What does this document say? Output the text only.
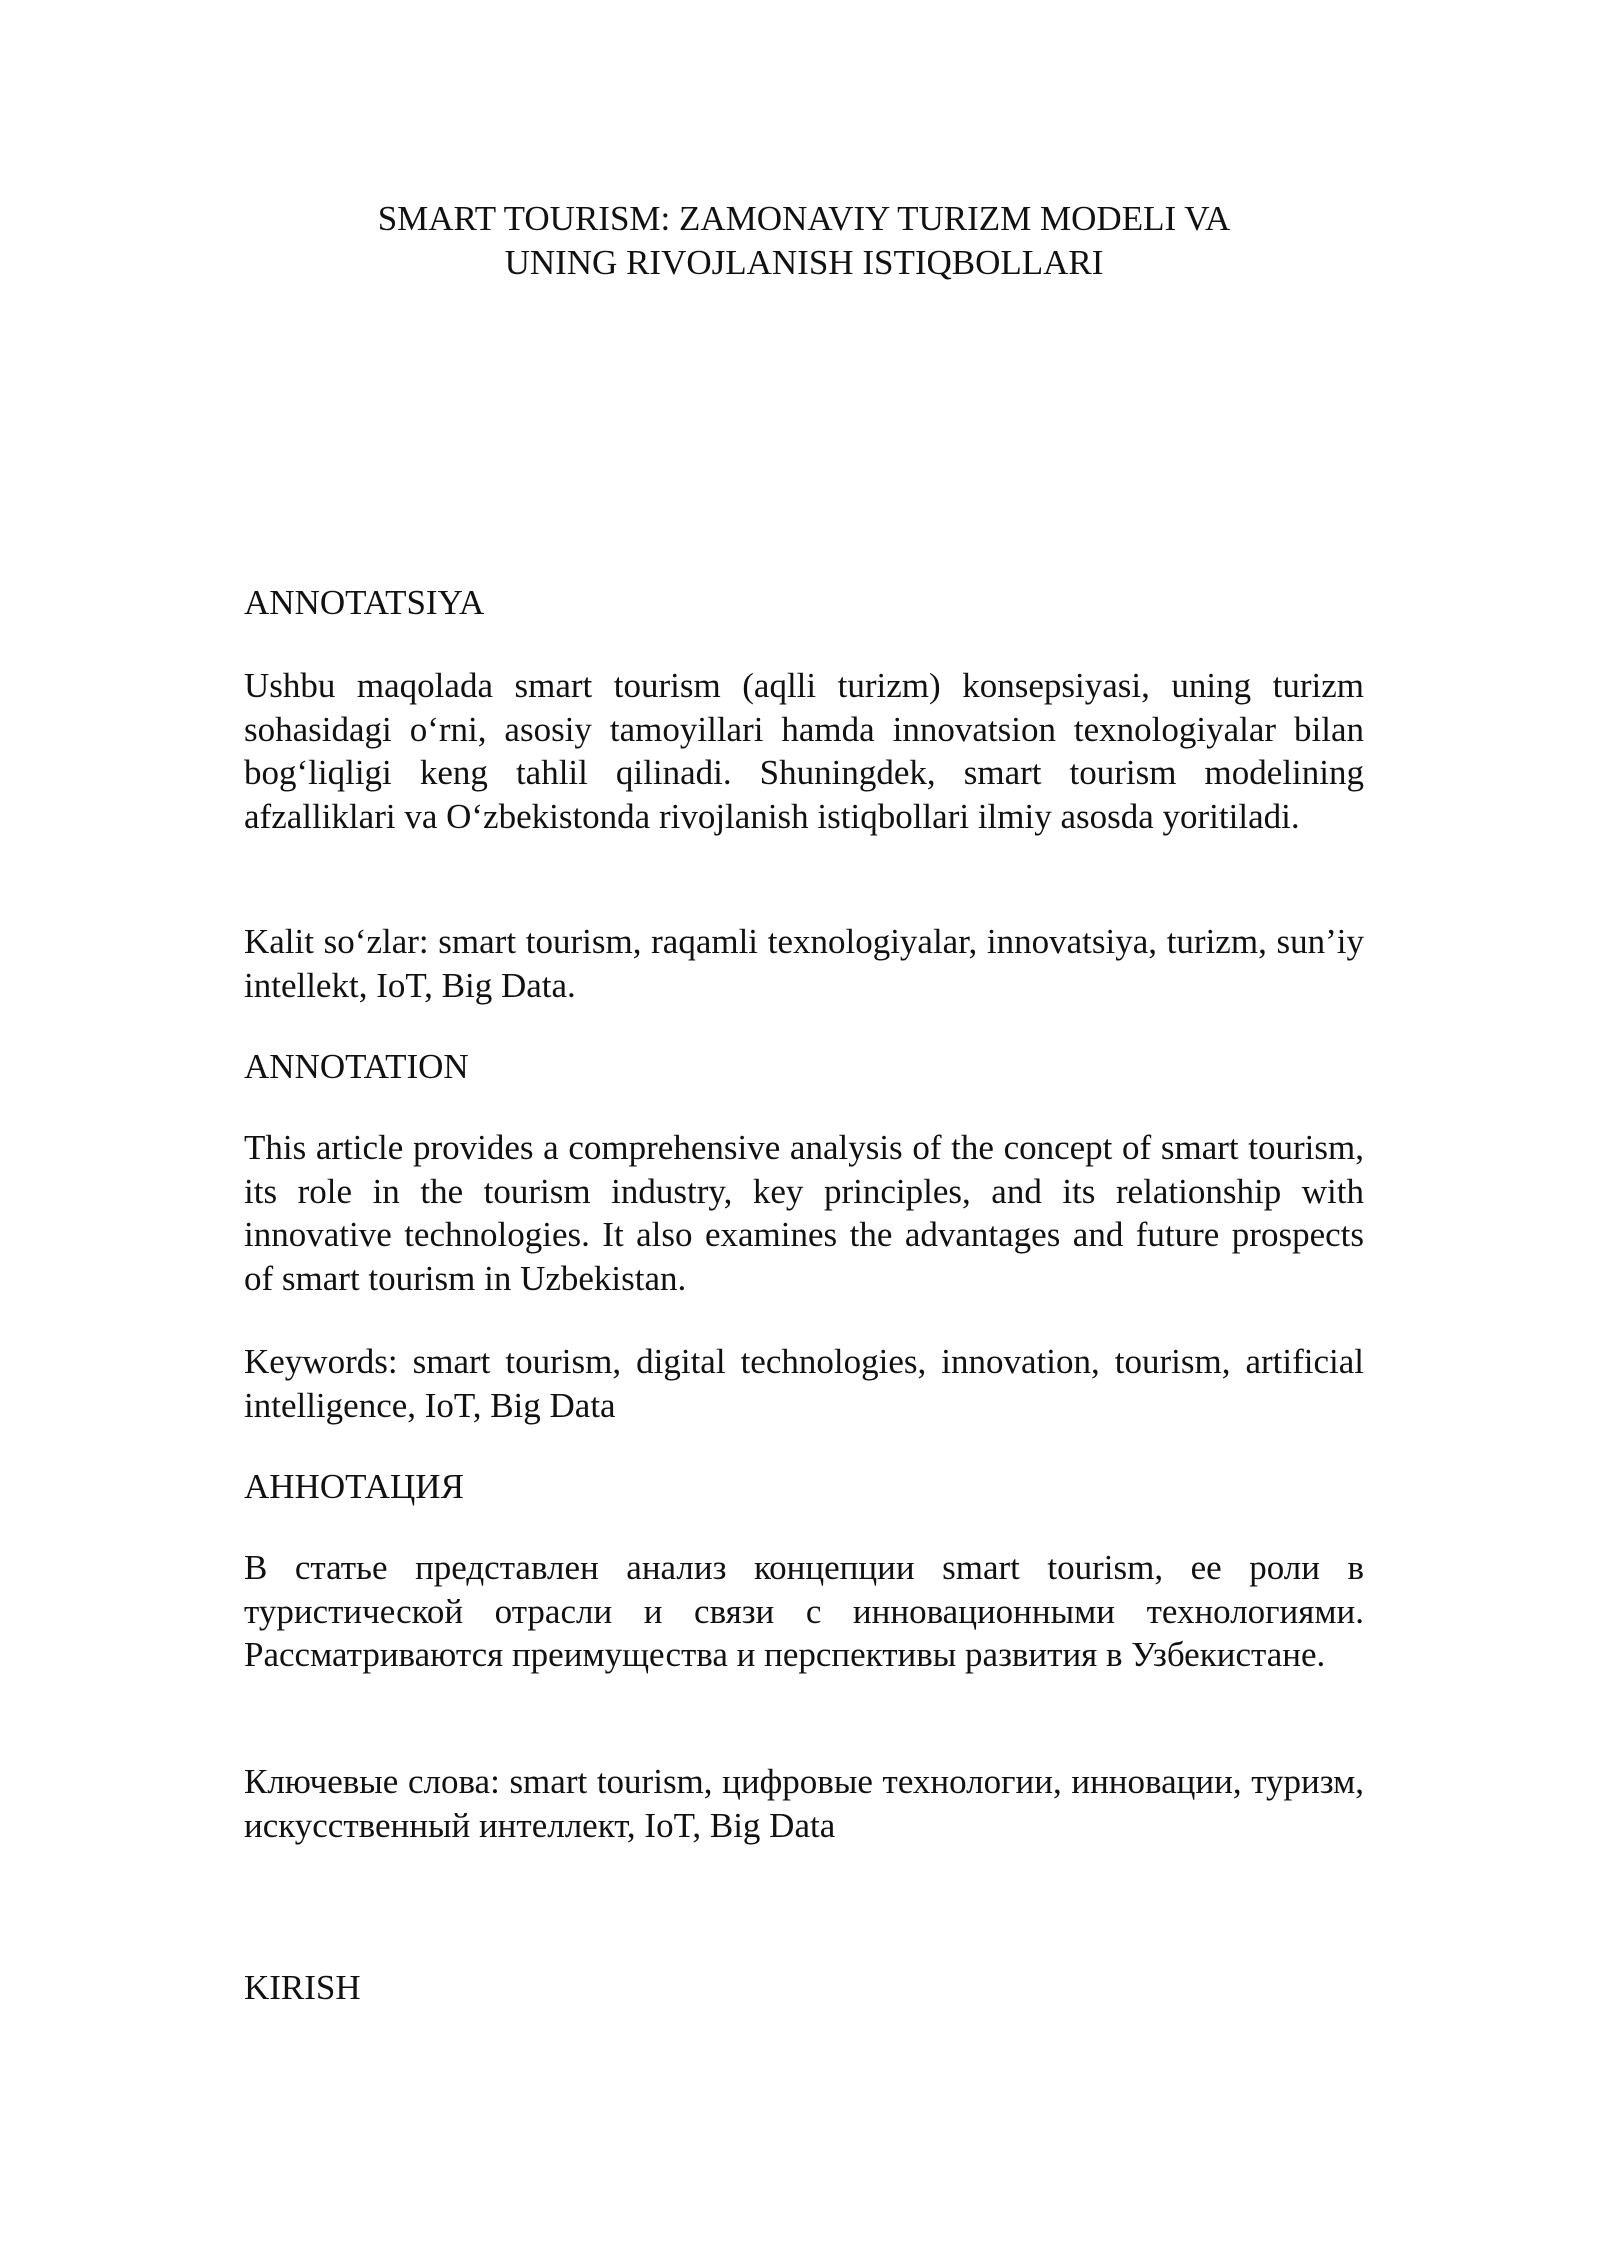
SMART TOURISM: ZAMONAVIY TURIZM MODELI VA
UNING RIVOJLANISH ISTIQBOLLARI
ANNOTATSIYA

Ushbu maqolada smart tourism (aqlli turizm) konsepsiyasi, uning turizm sohasidagi o‘rni, asosiy tamoyillari hamda innovatsion texnologiyalar bilan bog‘liqligi keng tahlil qilinadi. Shuningdek, smart tourism modelining afzalliklari va O‘zbekistonda rivojlanish istiqbollari ilmiy asosda yoritiladi.

Kalit so‘zlar: smart tourism, raqamli texnologiyalar, innovatsiya, turizm, sun’iy intellekt, IoT, Big Data.

ANNOTATION

This article provides a comprehensive analysis of the concept of smart tourism, its role in the tourism industry, key principles, and its relationship with innovative technologies. It also examines the advantages and future prospects of smart tourism in Uzbekistan.

Keywords: smart tourism, digital technologies, innovation, tourism, artificial intelligence, IoT, Big Data

АННОТАЦИЯ

В статье представлен анализ концепции smart tourism, ее роли в туристической отрасли и связи с инновационными технологиями. Рассматриваются преимущества и перспективы развития в Узбекистане.

Ключевые слова: smart tourism, цифровые технологии, инновации, туризм, искусственный интеллект, IoT, Big Data

KIRISH
